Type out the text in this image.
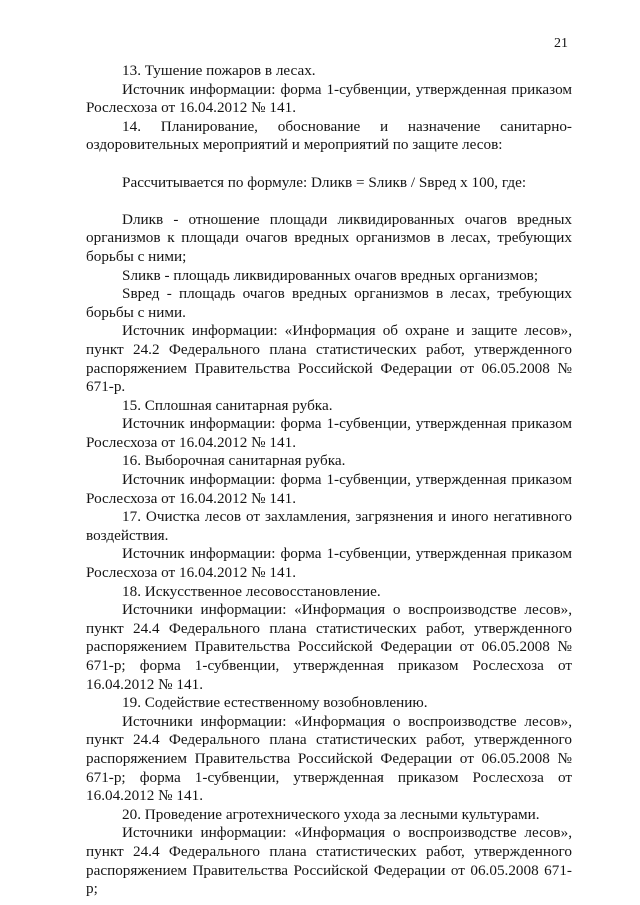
21

13. Тушение пожаров в лесах.

Источник информации: форма 1-субвенции, утвержденная приказом Рослесхоза от 16.04.2012 № 141.

14. Планирование, обоснование и назначение санитарно-оздоровительных мероприятий и мероприятий по защите лесов:

Рассчитывается по формуле: Dликв = Sликв / Sвред х 100, где:

Dликв - отношение площади ликвидированных очагов вредных организмов к площади очагов вредных организмов в лесах, требующих борьбы с ними;

Sликв - площадь ликвидированных очагов вредных организмов;

Sвред - площадь очагов вредных организмов в лесах, требующих борьбы с ними.

Источник информации: «Информация об охране и защите лесов», пункт 24.2 Федерального плана статистических работ, утвержденного распоряжением Правительства Российской Федерации от 06.05.2008 № 671-р.

15. Сплошная санитарная рубка.

Источник информации: форма 1-субвенции, утвержденная приказом Рослесхоза от 16.04.2012 № 141.

16. Выборочная санитарная рубка.

Источник информации: форма 1-субвенции, утвержденная приказом Рослесхоза от 16.04.2012 № 141.

17. Очистка лесов от захламления, загрязнения и иного негативного воздействия.

Источник информации: форма 1-субвенции, утвержденная приказом Рослесхоза от 16.04.2012 № 141.

18. Искусственное лесовосстановление.

Источники информации: «Информация о воспроизводстве лесов», пункт 24.4 Федерального плана статистических работ, утвержденного распоряжением Правительства Российской Федерации от 06.05.2008 № 671-р; форма 1-субвенции, утвержденная приказом Рослесхоза от 16.04.2012 № 141.

19. Содействие естественному возобновлению.

Источники информации: «Информация о воспроизводстве лесов», пункт 24.4 Федерального плана статистических работ, утвержденного распоряжением Правительства Российской Федерации от 06.05.2008 № 671-р; форма 1-субвенции, утвержденная приказом Рослесхоза от 16.04.2012 № 141.

20. Проведение агротехнического ухода за лесными культурами.

Источники информации: «Информация о воспроизводстве лесов», пункт 24.4 Федерального плана статистических работ, утвержденного распоряжением Правительства Российской Федерации от 06.05.2008 671-р;
